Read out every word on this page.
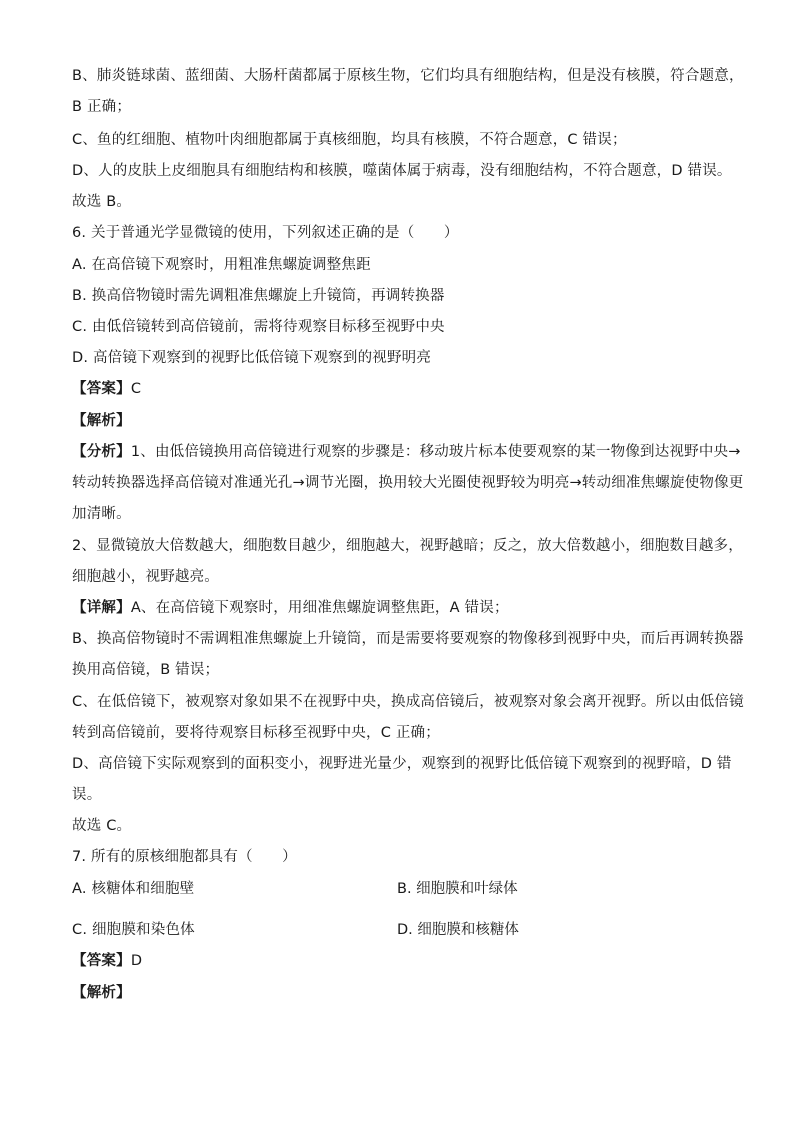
B、肺炎链球菌、蓝细菌、大肠杆菌都属于原核生物，它们均具有细胞结构，但是没有核膜，符合题意，
B 正确；
C、鱼的红细胞、植物叶肉细胞都属于真核细胞，均具有核膜，不符合题意，C 错误；
D、人的皮肤上皮细胞具有细胞结构和核膜，噬菌体属于病毒，没有细胞结构，不符合题意，D 错误。
故选 B。
6. 关于普通光学显微镜的使用，下列叙述正确的是（　　）
A. 在高倍镜下观察时，用粗准焦螺旋调整焦距
B. 换高倍物镜时需先调粗准焦螺旋上升镜筒，再调转换器
C. 由低倍镜转到高倍镜前，需将待观察目标移至视野中央
D. 高倍镜下观察到的视野比低倍镜下观察到的视野明亮
【答案】C
【解析】
【分析】1、由低倍镜换用高倍镜进行观察的步骤是：移动玻片标本使要观察的某一物像到达视野中央→
转动转换器选择高倍镜对准通光孔→调节光圈，换用较大光圈使视野较为明亮→转动细准焦螺旋使物像更
加清晰。
2、显微镜放大倍数越大，细胞数目越少，细胞越大，视野越暗；反之，放大倍数越小，细胞数目越多，
细胞越小，视野越亮。
【详解】A、在高倍镜下观察时，用细准焦螺旋调整焦距，A 错误；
B、换高倍物镜时不需调粗准焦螺旋上升镜筒，而是需要将要观察的物像移到视野中央，而后再调转换器
换用高倍镜，B 错误；
C、在低倍镜下，被观察对象如果不在视野中央，换成高倍镜后，被观察对象会离开视野。所以由低倍镜
转到高倍镜前，要将待观察目标移至视野中央，C 正确；
D、高倍镜下实际观察到的面积变小，视野进光量少，观察到的视野比低倍镜下观察到的视野暗，D 错
误。
故选 C。
7. 所有的原核细胞都具有（　　）
A. 核糖体和细胞壁	B. 细胞膜和叶绿体
C. 细胞膜和染色体	D. 细胞膜和核糖体
【答案】D
【解析】
